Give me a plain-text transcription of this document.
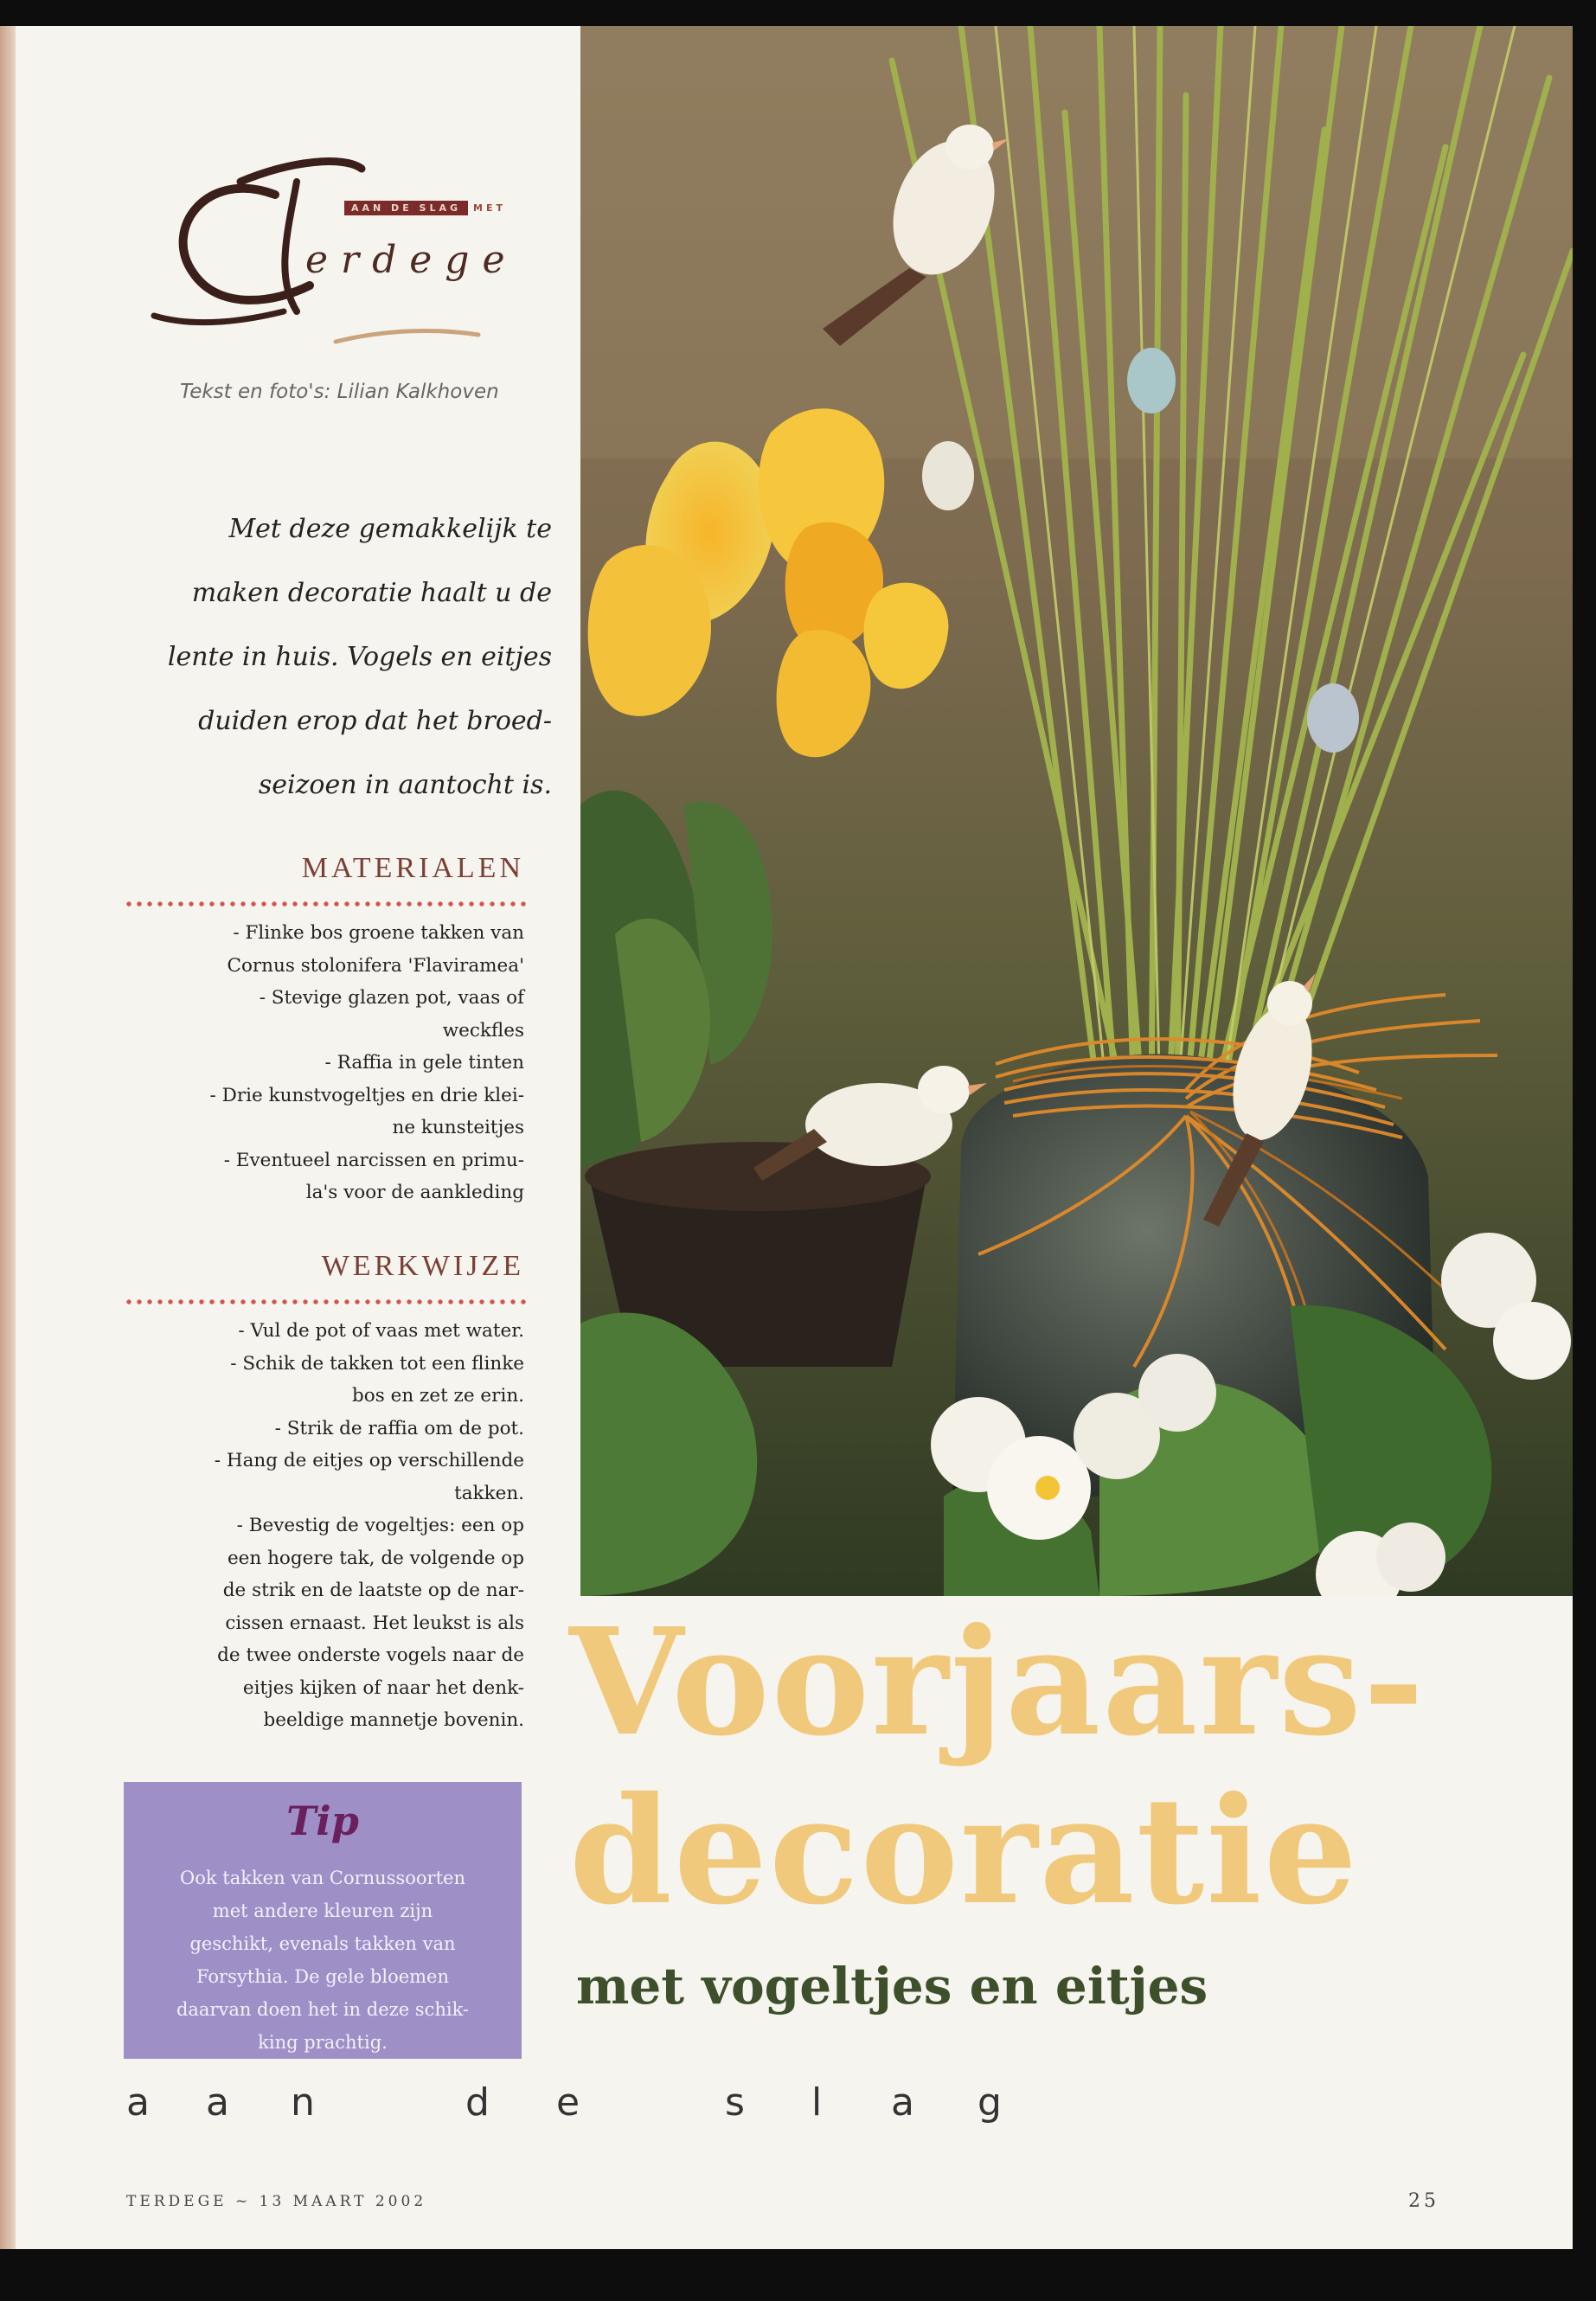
AAN DE SLAG	MET
erdege
Tekst en foto's: Lilian Kalkhoven
Met deze gemakkelijk te
maken decoratie haalt u de
lente in huis. Vogels en eitjes
duiden erop dat het broed-
seizoen in aantocht is.
MATERIALEN
- Flinke bos groene takken van
Cornus stolonifera 'Flaviramea'
- Stevige glazen pot, vaas of
weckfles
- Raffia in gele tinten
- Drie kunstvogeltjes en drie klei-
ne kunsteitjes
- Eventueel narcissen en primu-
la's voor de aankleding
WERKWIJZE
- Vul de pot of vaas met water.
- Schik de takken tot een flinke
bos en zet ze erin.
- Strik de raffia om de pot.
- Hang de eitjes op verschillende
takken.
- Bevestig de vogeltjes: een op
een hogere tak, de volgende op
de strik en de laatste op de nar-
cissen ernaast. Het leukst is als
de twee onderste vogels naar de
eitjes kijken of naar het denk-
beeldige mannetje bovenin.
Tip
Ook takken van Cornussoorten
met andere kleuren zijn
geschikt, evenals takken van
Forsythia. De gele bloemen
daarvan doen het in deze schik-
king prachtig.
Voorjaars-
decoratie
met vogeltjes en eitjes
a a n	d e	s l a g
TERDEGE ~ 13 MAART 2002	25
